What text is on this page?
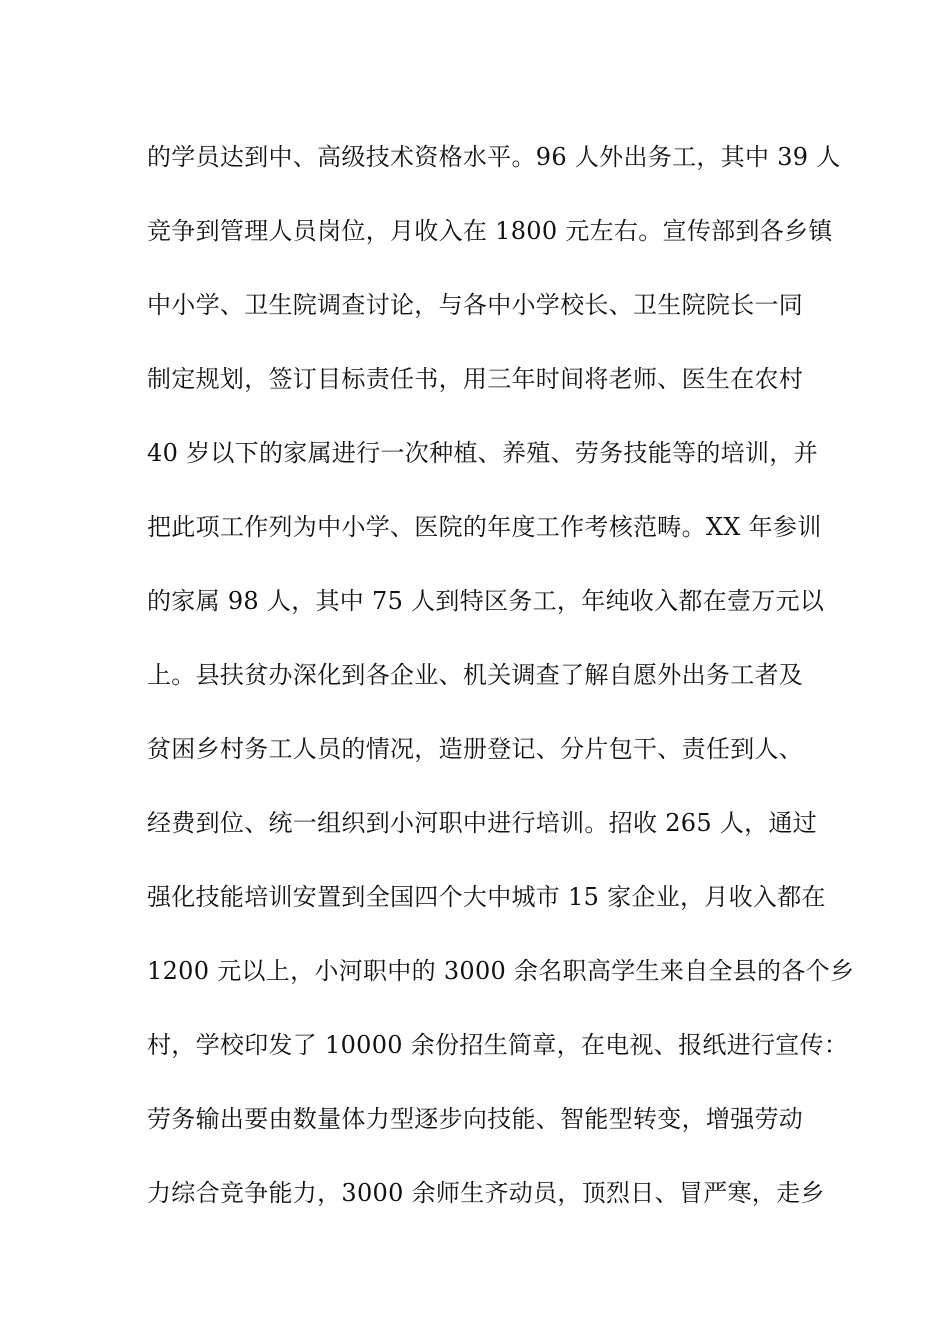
的学员达到中、高级技术资格水平。96 人外出务工，其中 39 人
竞争到管理人员岗位，月收入在 1800 元左右。宣传部到各乡镇
中小学、卫生院调查讨论，与各中小学校长、卫生院院长一同
制定规划，签订目标责任书，用三年时间将老师、医生在农村
40 岁以下的家属进行一次种植、养殖、劳务技能等的培训，并
把此项工作列为中小学、医院的年度工作考核范畴。XX 年参训
的家属 98 人，其中 75 人到特区务工，年纯收入都在壹万元以
上。县扶贫办深化到各企业、机关调查了解自愿外出务工者及
贫困乡村务工人员的情况，造册登记、分片包干、责任到人、
经费到位、统一组织到小河职中进行培训。招收 265 人，通过
强化技能培训安置到全国四个大中城市 15 家企业，月收入都在
1200 元以上，小河职中的 3000 余名职高学生来自全县的各个乡
村，学校印发了 10000 余份招生简章，在电视、报纸进行宣传：
劳务输出要由数量体力型逐步向技能、智能型转变，增强劳动
力综合竞争能力，3000 余师生齐动员，顶烈日、冒严寒，走乡
